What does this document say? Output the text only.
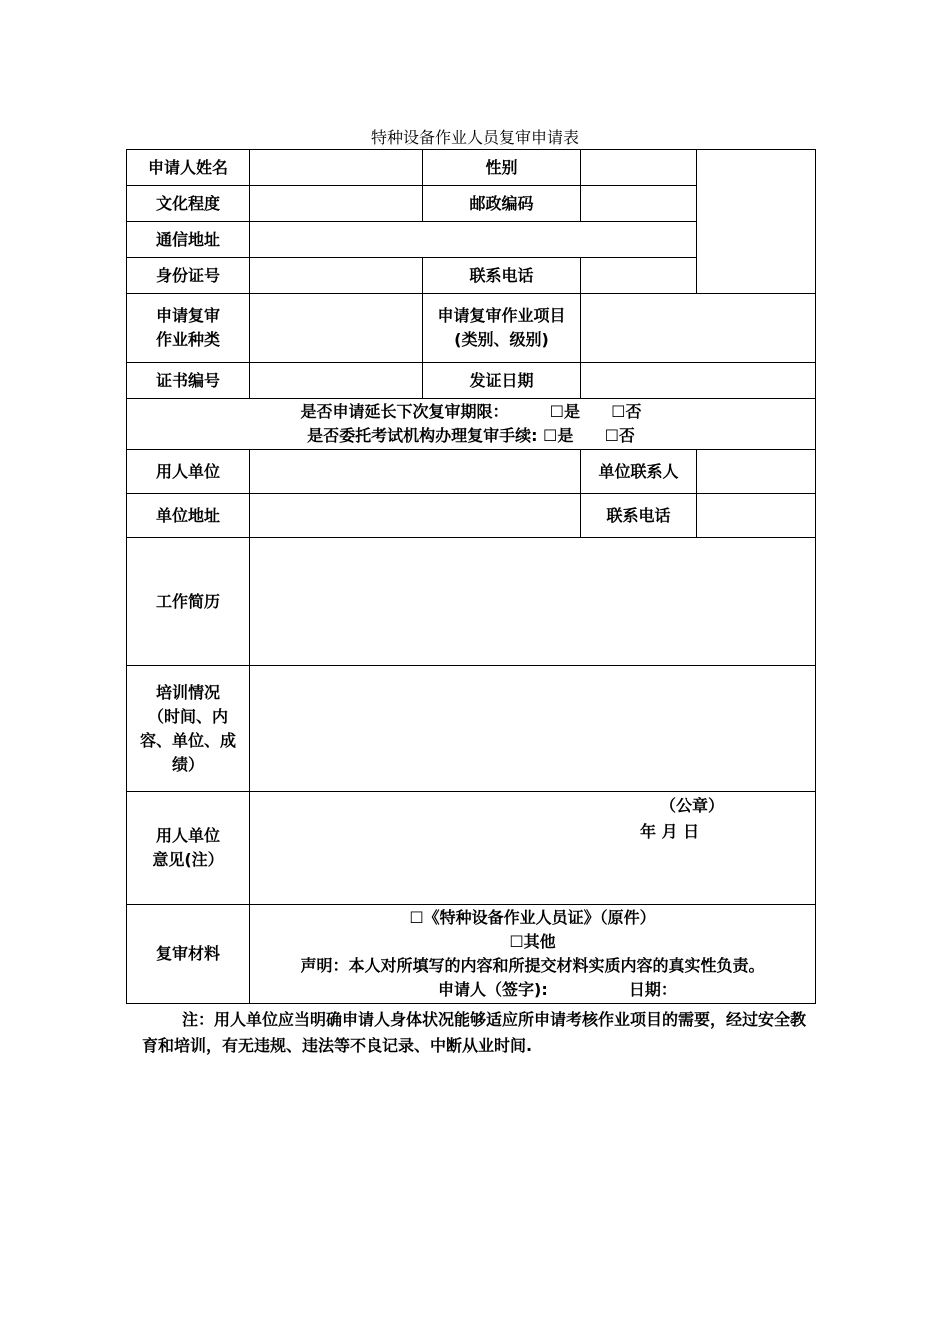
特种设备作业人员复审申请表
申请人姓名		性别		
文化程度		邮政编码		
通信地址				
身份证号		联系电话		

申请复审
作业种类		申请复审作业项目
(类别、级别)		

证书编号		发证日期		

是否申请延长下次复审期限： ☐是 ☐否
是否委托考试机构办理复审手续: ☐是 ☐否				

用人单位			单位联系人	
单位地址			联系电话	
工作简历				

培训情况
（时间、内
容、单位、成
绩）				

用人单位
意见(注）	（公章）
年 月 日			

复审材料	☐《特种设备作业人员证》（原件）
☐其他
声明：本人对所填写的内容和所提交材料实质内容的真实性负责。
申请人（签字): 日期：			
注：用人单位应当明确申请人身体状况能够适应所申请考核作业项目的需要，经过安全教育和培训，有无违规、违法等不良记录、中断从业时间.
